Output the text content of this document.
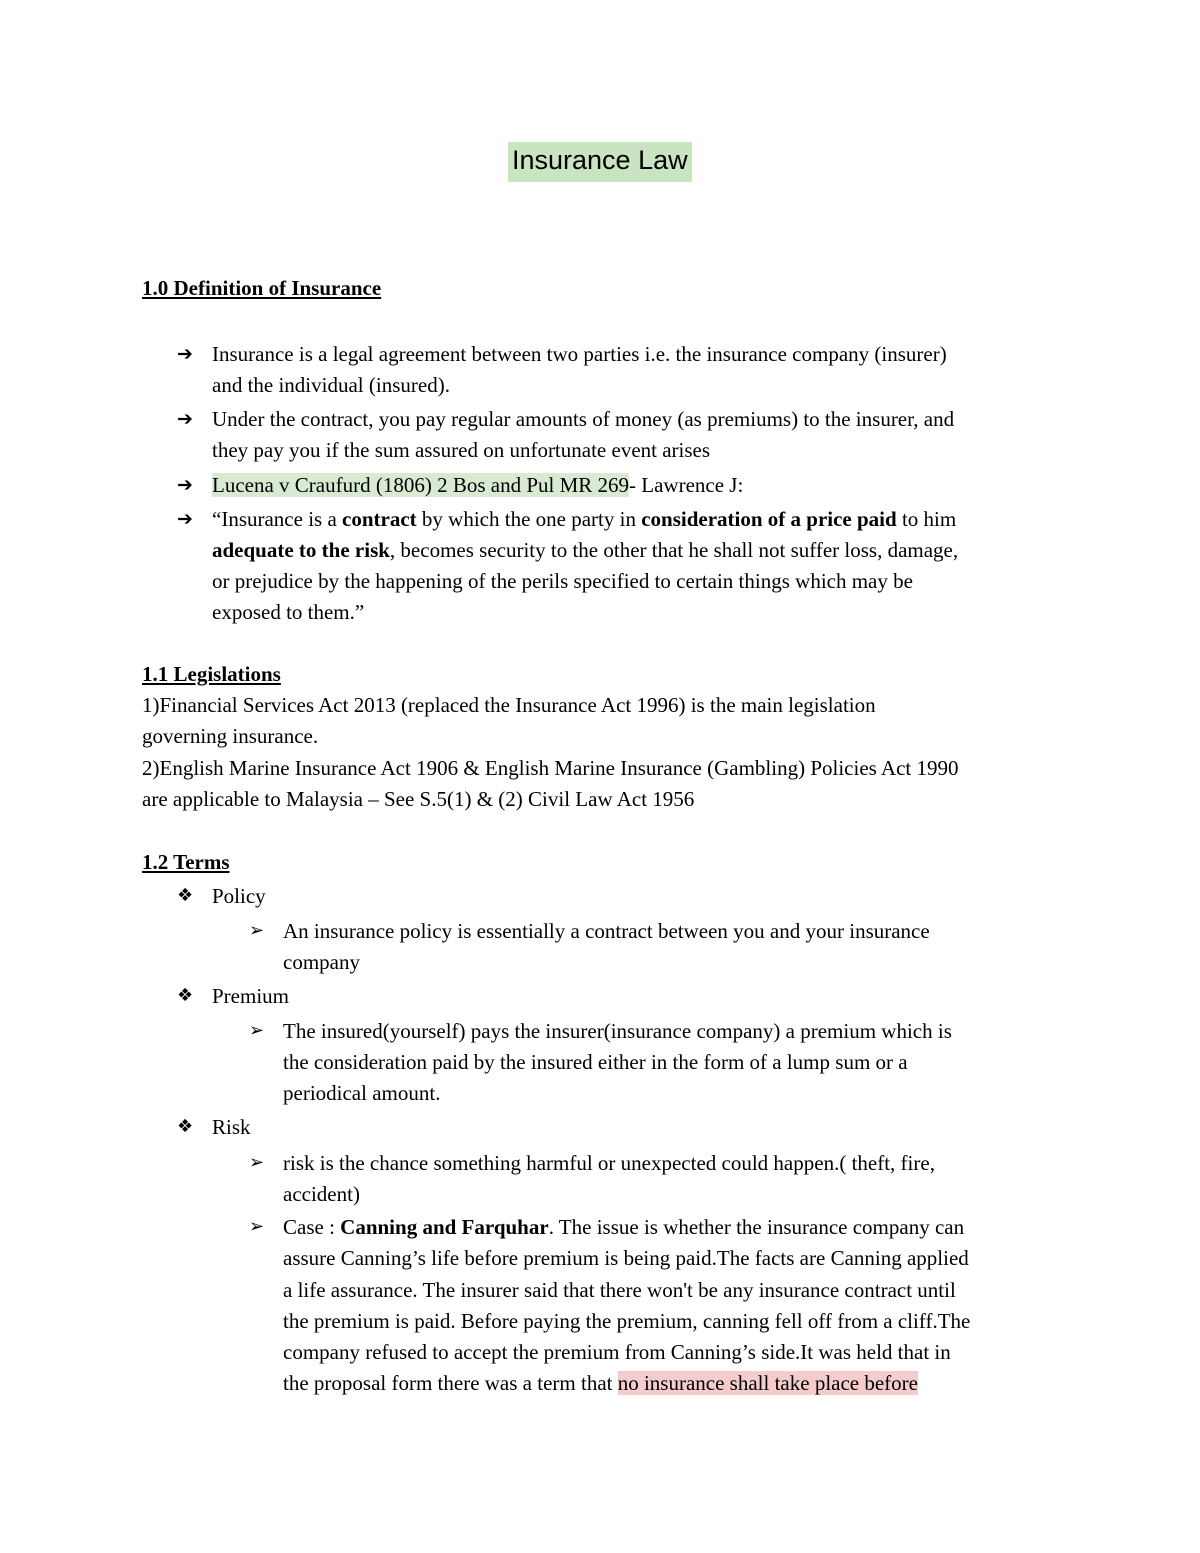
Insurance Law
1.0 Definition of Insurance
➔ Insurance is a legal agreement between two parties i.e. the insurance company (insurer)
and the individual (insured).
➔ Under the contract, you pay regular amounts of money (as premiums) to the insurer, and
they pay you if the sum assured on unfortunate event arises
➔ Lucena v Craufurd (1806) 2 Bos and Pul MR 269- Lawrence J:
➔ “Insurance is a contract by which the one party in consideration of a price paid to him
adequate to the risk, becomes security to the other that he shall not suffer loss, damage,
or prejudice by the happening of the perils specified to certain things which may be
exposed to them.”
1.1 Legislations
1)Financial Services Act 2013 (replaced the Insurance Act 1996) is the main legislation
governing insurance.
2)English Marine Insurance Act 1906 & English Marine Insurance (Gambling) Policies Act 1990
are applicable to Malaysia – See S.5(1) & (2) Civil Law Act 1956
1.2 Terms
❖ Policy
➢ An insurance policy is essentially a contract between you and your insurance
company
❖ Premium
➢ The insured(yourself) pays the insurer(insurance company) a premium which is
the consideration paid by the insured either in the form of a lump sum or a
periodical amount.
❖ Risk
➢ risk is the chance something harmful or unexpected could happen.( theft, fire,
accident)
➢ Case : Canning and Farquhar. The issue is whether the insurance company can
assure Canning’s life before premium is being paid.The facts are Canning applied
a life assurance. The insurer said that there won't be any insurance contract until
the premium is paid. Before paying the premium, canning fell off from a cliff.The
company refused to accept the premium from Canning’s side.It was held that in
the proposal form there was a term that no insurance shall take place before
